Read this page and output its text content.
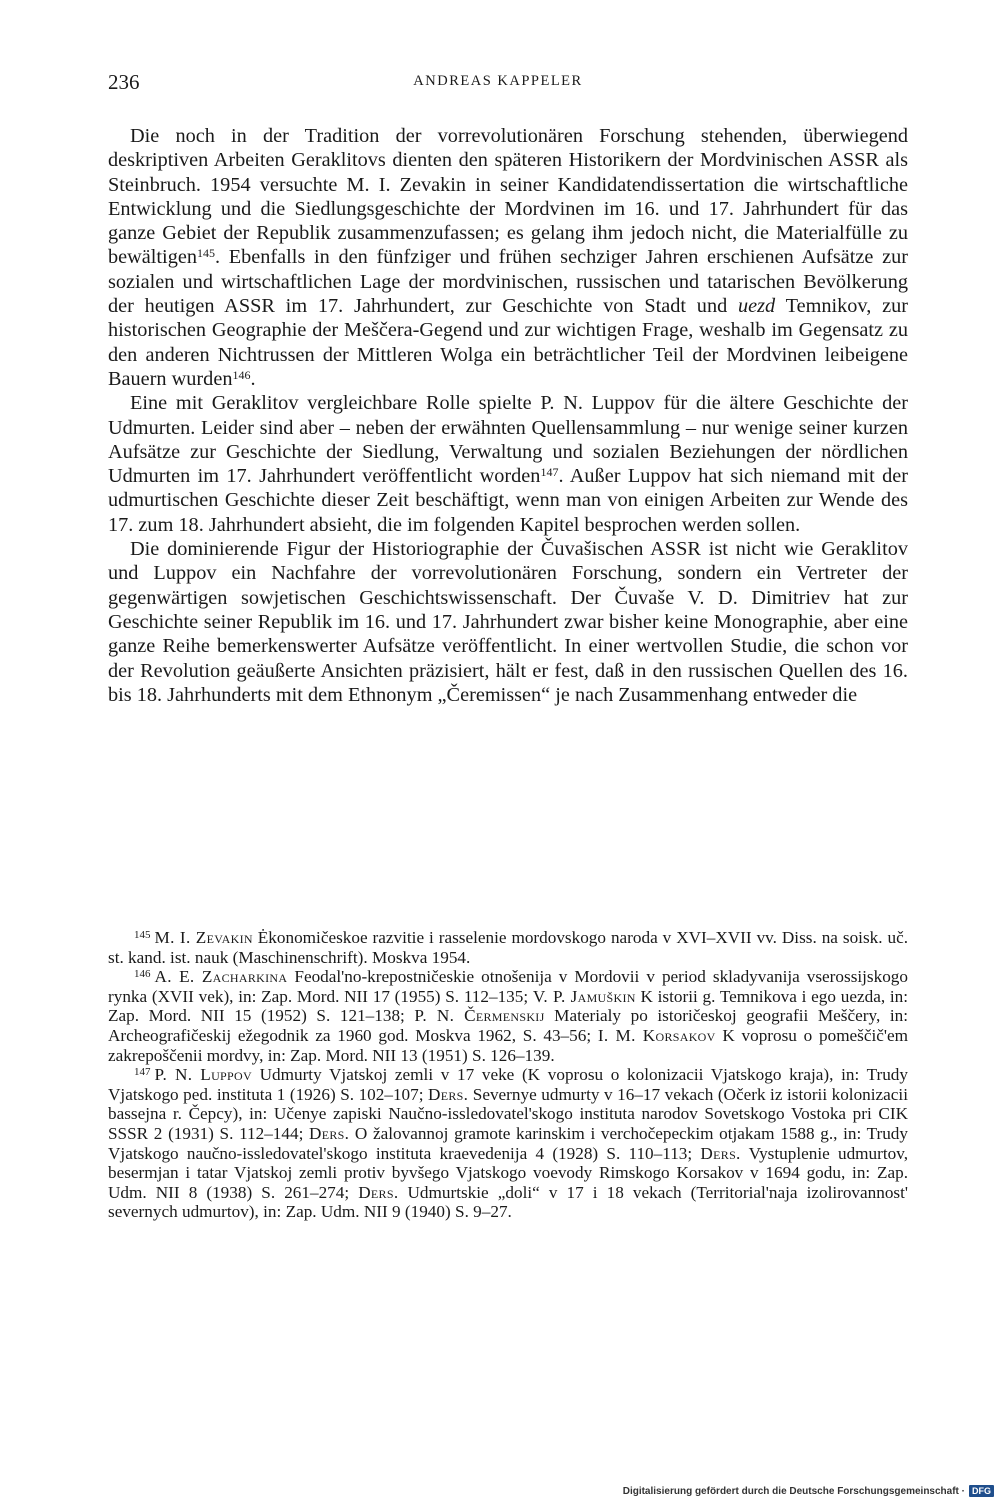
236	ANDREAS KAPPELER

Die noch in der Tradition der vorrevolutionären Forschung stehenden, überwiegend deskriptiven Arbeiten Geraklitovs dienten den späteren Historikern der Mordvinischen ASSR als Steinbruch. 1954 versuchte M. I. Zevakin in seiner Kandidatendissertation die wirtschaftliche Entwicklung und die Siedlungsgeschichte der Mordvinen im 16. und 17. Jahrhundert für das ganze Gebiet der Republik zusammenzufassen; es gelang ihm jedoch nicht, die Materialfülle zu bewältigen$^{145}$. Ebenfalls in den fünfziger und frühen sechziger Jahren erschienen Aufsätze zur sozialen und wirtschaftlichen Lage der mordvinischen, russischen und tatarischen Bevölkerung der heutigen ASSR im 17. Jahrhundert, zur Geschichte von Stadt und uezd Temnikov, zur historischen Geographie der Meščera-Gegend und zur wichtigen Frage, weshalb im Gegensatz zu den anderen Nichtrussen der Mittleren Wolga ein beträchtlicher Teil der Mordvinen leibeigene Bauern wurden$^{146}$.

Eine mit Geraklitov vergleichbare Rolle spielte P. N. Luppov für die ältere Geschichte der Udmurten. Leider sind aber – neben der erwähnten Quellensammlung – nur wenige seiner kurzen Aufsätze zur Geschichte der Siedlung, Verwaltung und sozialen Beziehungen der nördlichen Udmurten im 17. Jahrhundert veröffentlicht worden$^{147}$. Außer Luppov hat sich niemand mit der udmurtischen Geschichte dieser Zeit beschäftigt, wenn man von einigen Arbeiten zur Wende des 17. zum 18. Jahrhundert absieht, die im folgenden Kapitel besprochen werden sollen.

Die dominierende Figur der Historiographie der Čuvašischen ASSR ist nicht wie Geraklitov und Luppov ein Nachfahre der vorrevolutionären Forschung, sondern ein Vertreter der gegenwärtigen sowjetischen Geschichtswissenschaft. Der Čuvaše V. D. Dimitriev hat zur Geschichte seiner Republik im 16. und 17. Jahrhundert zwar bisher keine Monographie, aber eine ganze Reihe bemerkenswerter Aufsätze veröffentlicht. In einer wertvollen Studie, die schon vor der Revolution geäußerte Ansichten präzisiert, hält er fest, daß in den russischen Quellen des 16. bis 18. Jahrhunderts mit dem Ethnonym „Čeremissen“ je nach Zusammenhang entweder die

$^{145}$ M. I. Zevakin Ėkonomičeskoe razvitie i rasselenie mordovskogo naroda v XVI–XVII vv. Diss. na soisk. uč. st. kand. ist. nauk (Maschinenschrift). Moskva 1954.
$^{146}$ A. E. Zacharkina Feodal'no-krepostničeskie otnošenija v Mordovii v period skladyvanija vserossijskogo rynka (XVII vek), in: Zap. Mord. NII 17 (1955) S. 112–135; V. P. Jamuškin K istorii g. Temnikova i ego uezda, in: Zap. Mord. NII 15 (1952) S. 121–138; P. N. Čermenskij Materialy po istoričeskoj geografii Meščery, in: Archeografičeskij ežegodnik za 1960 god. Moskva 1962, S. 43–56; I. M. Korsakov K voprosu o pomeščič'em zakrepoščenii mordvy, in: Zap. Mord. NII 13 (1951) S. 126–139.
$^{147}$ P. N. Luppov Udmurty Vjatskoj zemli v 17 veke (K voprosu o kolonizacii Vjatskogo kraja), in: Trudy Vjatskogo ped. instituta 1 (1926) S. 102–107; Ders. Severnye udmurty v 16–17 vekach (Očerk iz istorii kolonizacii bassejna r. Čepcy), in: Učenye zapiski Naučno-issledovatel'skogo instituta narodov Sovetskogo Vostoka pri CIK SSSR 2 (1931) S. 112–144; Ders. O žalovannoj gramote karinskim i verchočepeckim otjakam 1588 g., in: Trudy Vjatskogo naučno-issledovatel'skogo instituta kraevedenija 4 (1928) S. 110–113; Ders. Vystuplenie udmurtov, besermjan i tatar Vjatskoj zemli protiv byvšego Vjatskogo voevody Rimskogo Korsakov v 1694 godu, in: Zap. Udm. NII 8 (1938) S. 261–274; Ders. Udmurtskie „doli“ v 17 i 18 vekach (Territorial'naja izolirovannost' severnych udmurtov), in: Zap. Udm. NII 9 (1940) S. 9–27.
Digitalisierung gefördert durch die Deutsche Forschungsgemeinschaft · DFG
